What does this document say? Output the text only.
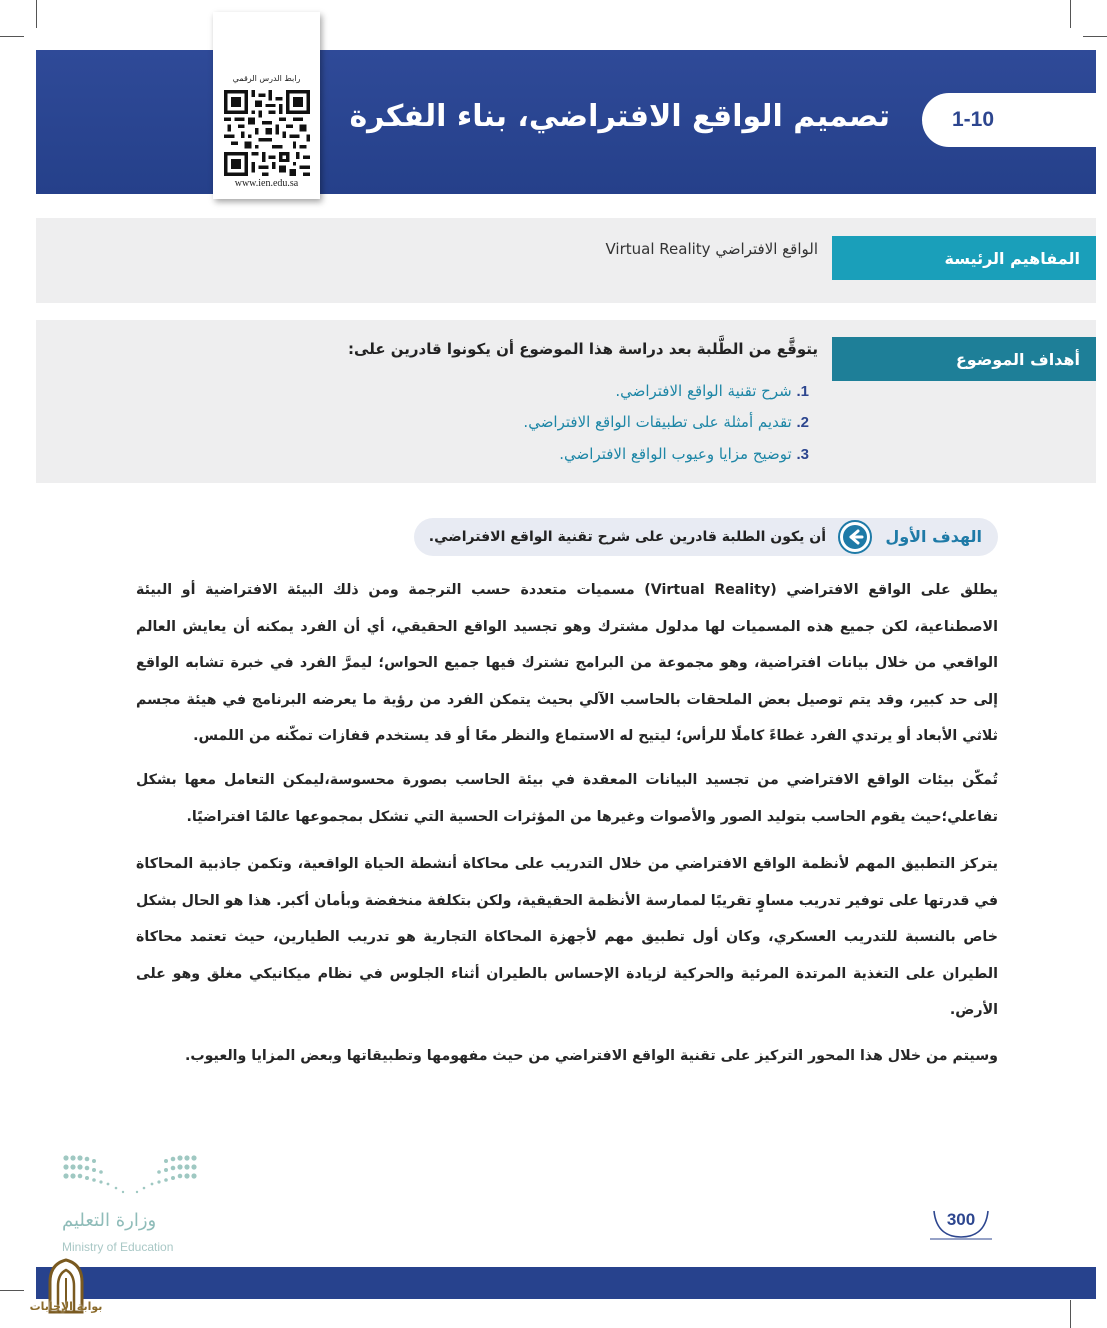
1-10
تصميم الواقع الافتراضي، بناء الفكرة
رابط الدرس الرقمي
www.ien.edu.sa
المفاهيم الرئيسة
الواقع الافتراضي Virtual Reality
أهداف الموضوع
يتوقَّع من الطَّلبة بعد دراسة هذا الموضوع أن يكونوا قادرين على:
1. شرح تقنية الواقع الافتراضي.
2. تقديم أمثلة على تطبيقات الواقع الافتراضي.
3. توضيح مزايا وعيوب الواقع الافتراضي.
الهدف الأول
أن يكون الطلبة قادرين على شرح تقنية الواقع الافتراضي.
يطلق على الواقع الافتراضي (Virtual Reality) مسميات متعددة حسب الترجمة ومن ذلك البيئة الافتراضية أو البيئة الاصطناعية، لكن جميع هذه المسميات لها مدلول مشترك وهو تجسيد الواقع الحقيقي، أي أن الفرد يمكنه أن يعايش العالم الواقعي من خلال بيانات افتراضية، وهو مجموعة من البرامج تشترك فيها جميع الحواس؛ ليمرَّ الفرد في خبرة تشابه الواقع إلى حد كبير، وقد يتم توصيل بعض الملحقات بالحاسب الآلي بحيث يتمكن الفرد من رؤية ما يعرضه البرنامج في هيئة مجسم ثلاثي الأبعاد أو يرتدي الفرد غطاءً كاملًا للرأس؛ ليتيح له الاستماع والنظر معًا أو قد يستخدم قفازات تمكّنه من اللمس.
تُمكّن بيئات الواقع الافتراضي من تجسيد البيانات المعقدة في بيئة الحاسب بصورة محسوسة،ليمكن التعامل معها بشكل تفاعلي؛حيث يقوم الحاسب بتوليد الصور والأصوات وغيرها من المؤثرات الحسية التي تشكل بمجموعها عالمًا افتراضيًا.
يتركز التطبيق المهم لأنظمة الواقع الافتراضي من خلال التدريب على محاكاة أنشطة الحياة الواقعية، وتكمن جاذبية المحاكاة في قدرتها على توفير تدريب مساوٍ تقريبًا لممارسة الأنظمة الحقيقية، ولكن بتكلفة منخفضة وبأمان أكبر. هذا هو الحال بشكل خاص بالنسبة للتدريب العسكري، وكان أول تطبيق مهم لأجهزة المحاكاة التجارية هو تدريب الطيارين، حيث تعتمد محاكاة الطيران على التغذية المرتدة المرئية والحركية لزيادة الإحساس بالطيران أثناء الجلوس في نظام ميكانيكي مغلق وهو على الأرض.
وسيتم من خلال هذا المحور التركيز على تقنية الواقع الافتراضي من حيث مفهومها وتطبيقاتها وبعض المزايا والعيوب.
وزارة التعليم
Ministry of Education
300
بوابة الإجابات
